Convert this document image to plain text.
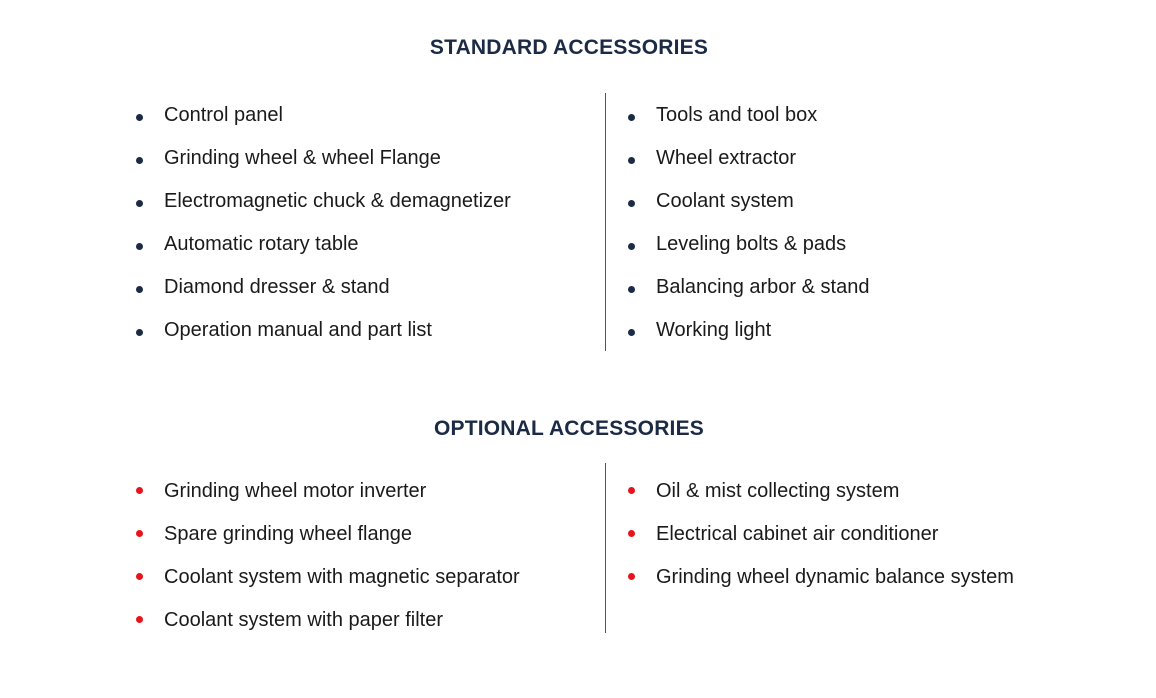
STANDARD ACCESSORIES
Control panel
Grinding wheel & wheel Flange
Electromagnetic chuck & demagnetizer
Automatic rotary table
Diamond dresser & stand
Operation manual and part list
Tools and tool box
Wheel extractor
Coolant system
Leveling bolts & pads
Balancing arbor & stand
Working light
OPTIONAL ACCESSORIES
Grinding wheel motor inverter
Spare grinding wheel flange
Coolant system with magnetic separator
Coolant system with paper filter
Oil & mist collecting system
Electrical cabinet air conditioner
Grinding wheel dynamic balance system
